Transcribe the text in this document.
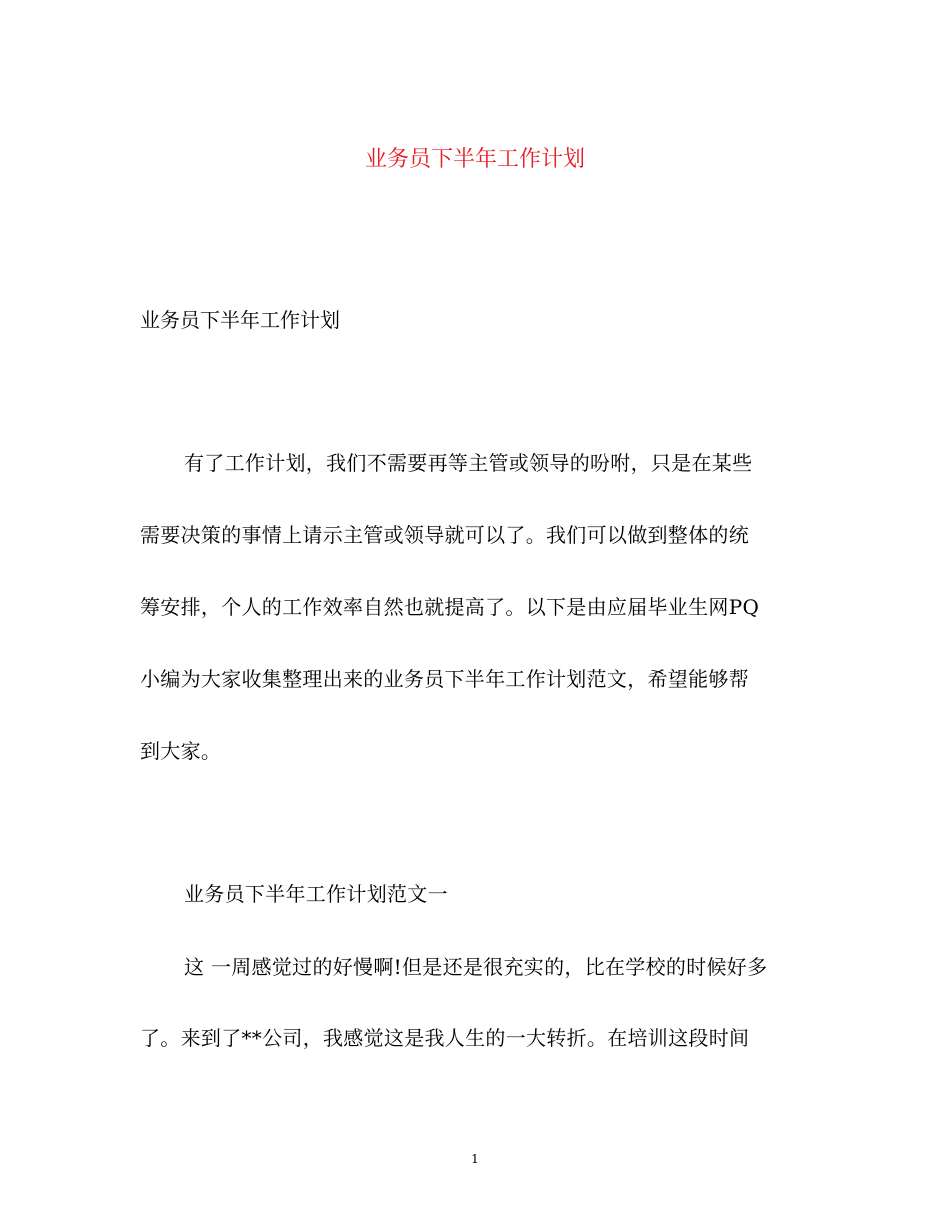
业务员下半年工作计划
业务员下半年工作计划
有了工作计划，我们不需要再等主管或领导的吩咐，只是在某些
需要决策的事情上请示主管或领导就可以了。我们可以做到整体的统
筹安排，个人的工作效率自然也就提高了。以下是由应届毕业生网PQ
小编为大家收集整理出来的业务员下半年工作计划范文，希望能够帮
到大家。
业务员下半年工作计划范文一
这 一周感觉过的好慢啊!但是还是很充实的，比在学校的时候好多
了。来到了**公司，我感觉这是我人生的一大转折。在培训这段时间
1
